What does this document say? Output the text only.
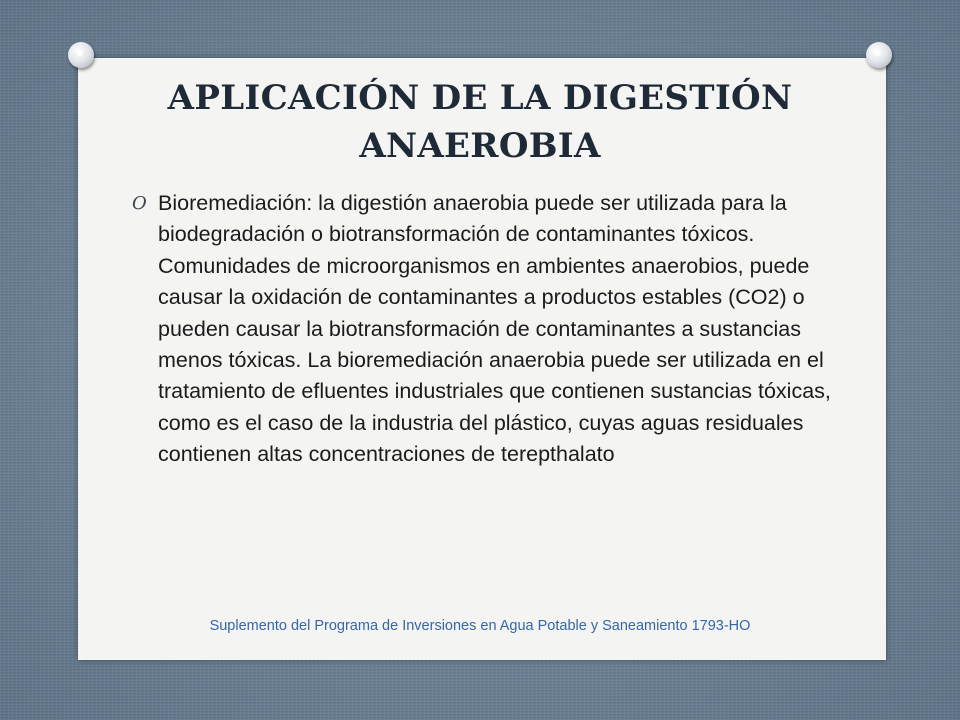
APLICACIÓN DE LA DIGESTIÓN ANAEROBIA
O Bioremediación: la digestión anaerobia puede ser utilizada para la biodegradación o biotransformación de contaminantes tóxicos. Comunidades de microorganismos en ambientes anaerobios, puede causar la oxidación de contaminantes a productos estables (CO2) o pueden causar la biotransformación de contaminantes a sustancias menos tóxicas. La bioremediación anaerobia puede ser utilizada en el tratamiento de efluentes industriales que contienen sustancias tóxicas, como es el caso de la industria del plástico, cuyas aguas residuales contienen altas concentraciones de terepthalato
Suplemento del Programa de Inversiones en Agua Potable y Saneamiento 1793-HO
